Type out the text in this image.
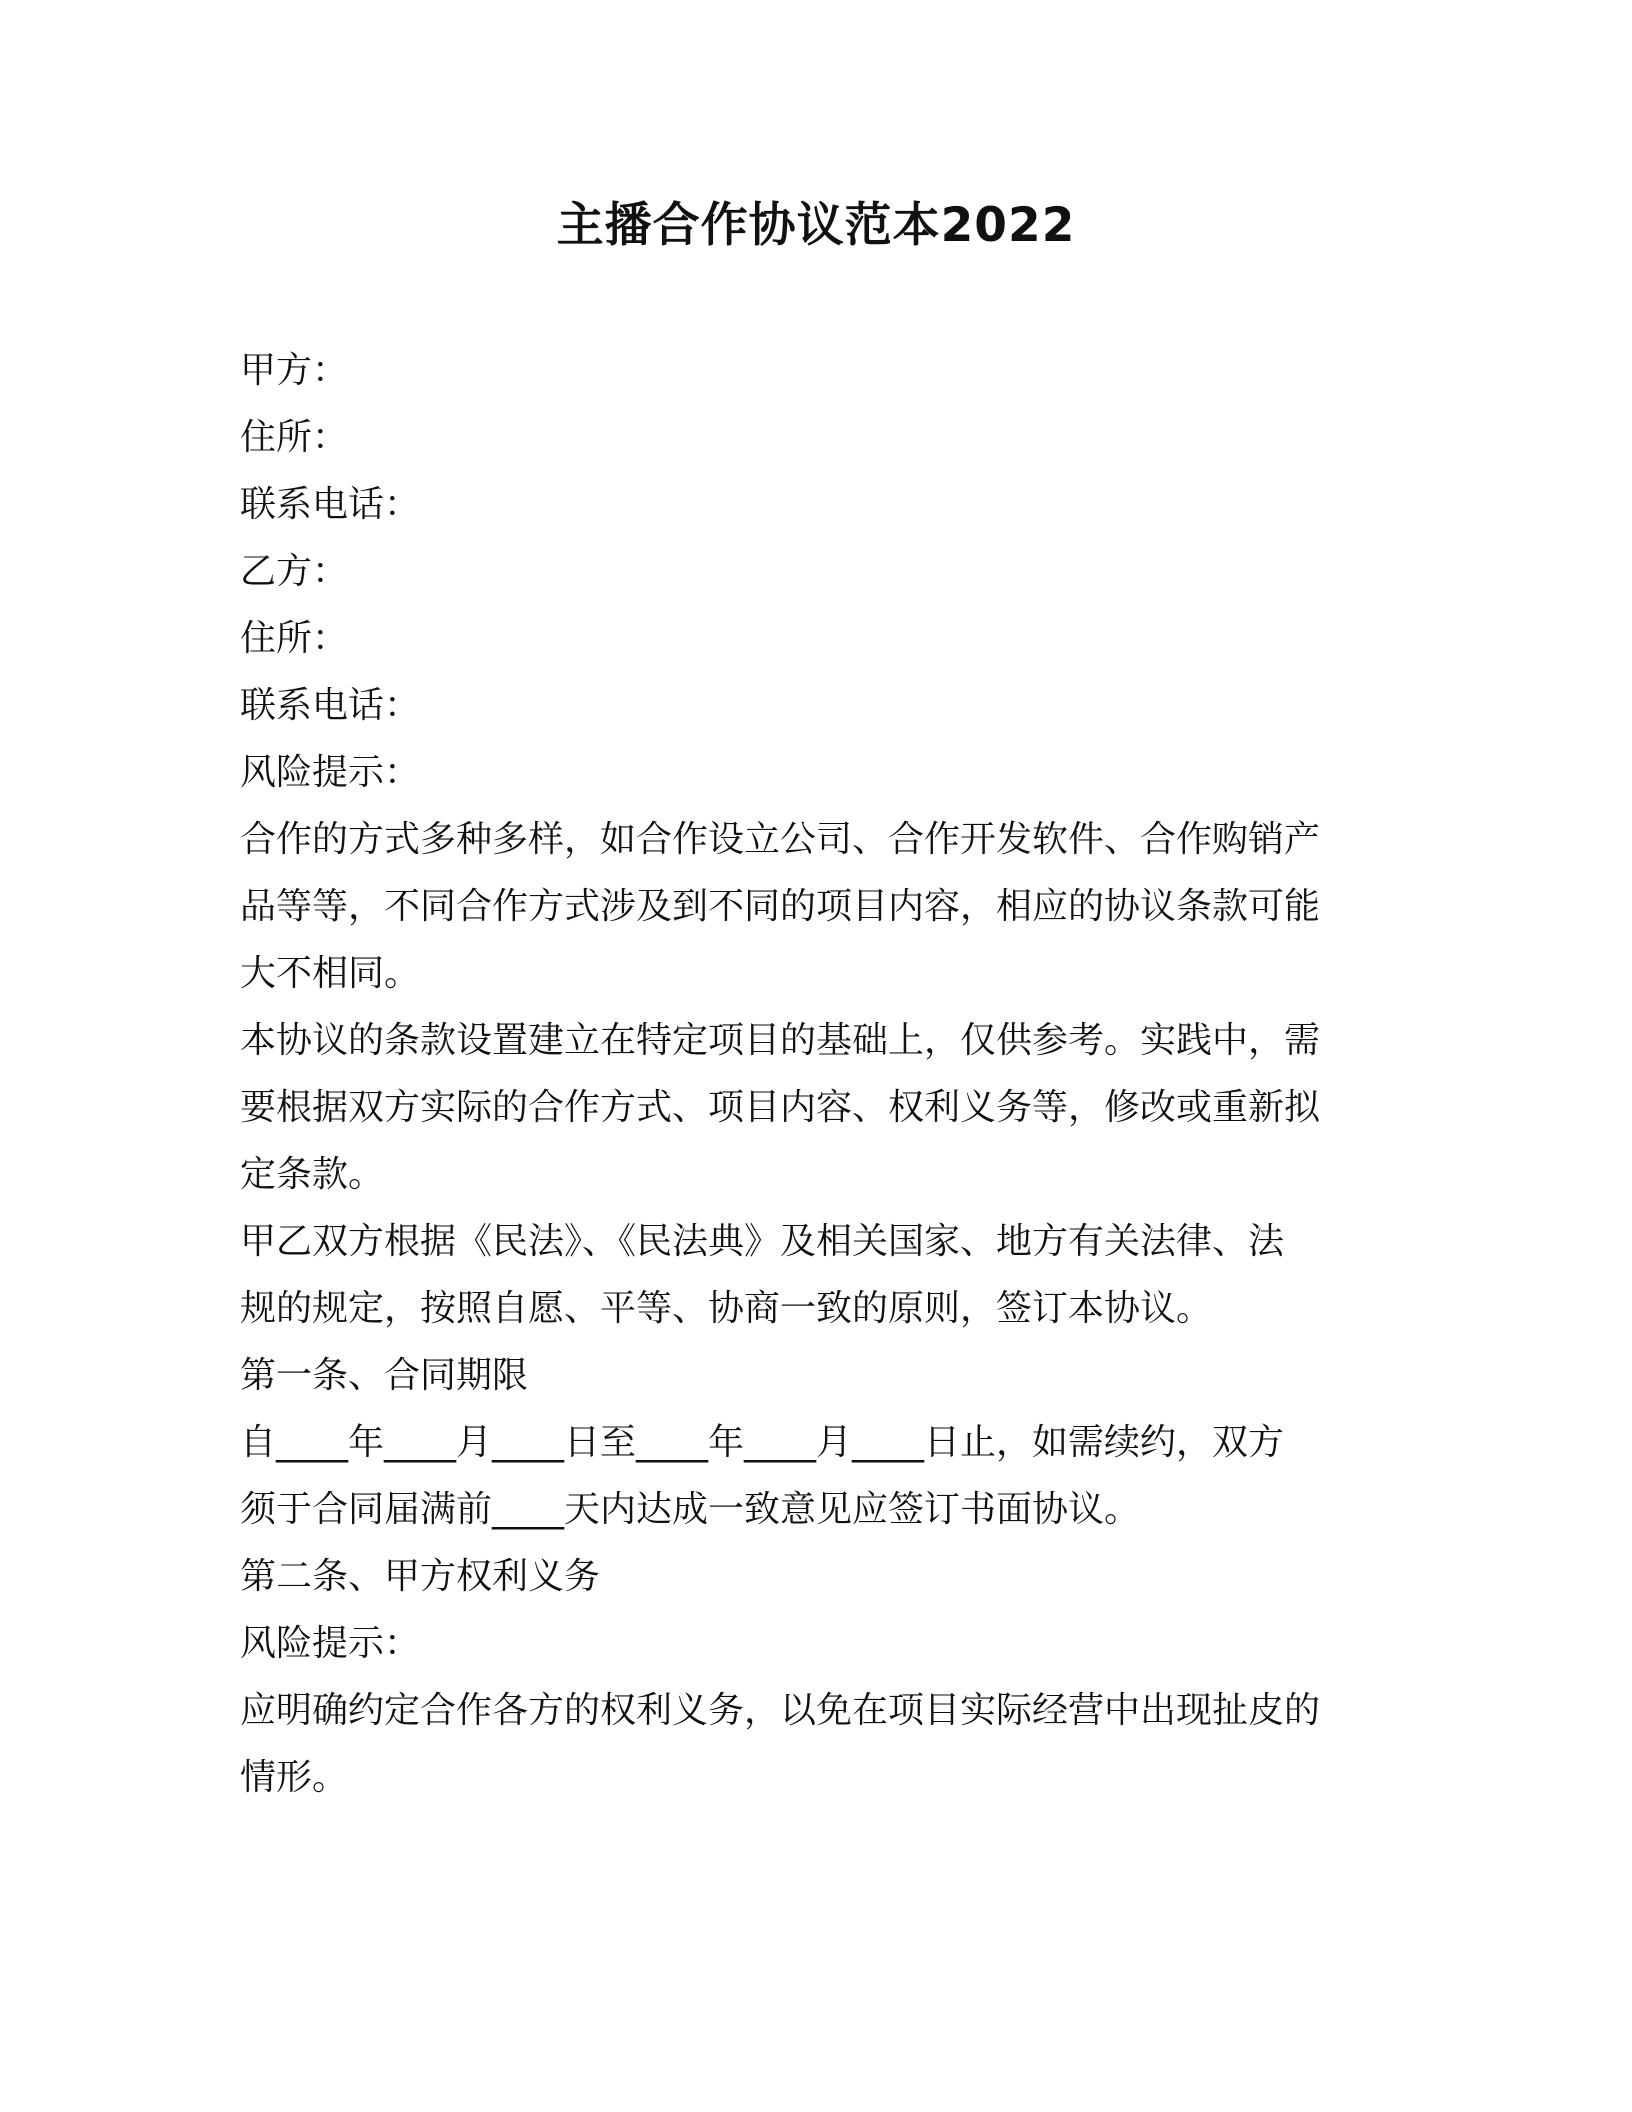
主播合作协议范本2022
甲方：
住所：
联系电话：
乙方：
住所：
联系电话：
风险提示：
合作的方式多种多样，如合作设立公司、合作开发软件、合作购销产
品等等，不同合作方式涉及到不同的项目内容，相应的协议条款可能
大不相同。
本协议的条款设置建立在特定项目的基础上，仅供参考。实践中，需
要根据双方实际的合作方式、项目内容、权利义务等，修改或重新拟
定条款。
甲乙双方根据《民法》、《民法典》及相关国家、地方有关法律、法
规的规定，按照自愿、平等、协商一致的原则，签订本协议。
第一条、合同期限
自____年____月____日至____年____月____日止，如需续约，双方
须于合同届满前____天内达成一致意见应签订书面协议。
第二条、甲方权利义务
风险提示：
应明确约定合作各方的权利义务，以免在项目实际经营中出现扯皮的
情形。
